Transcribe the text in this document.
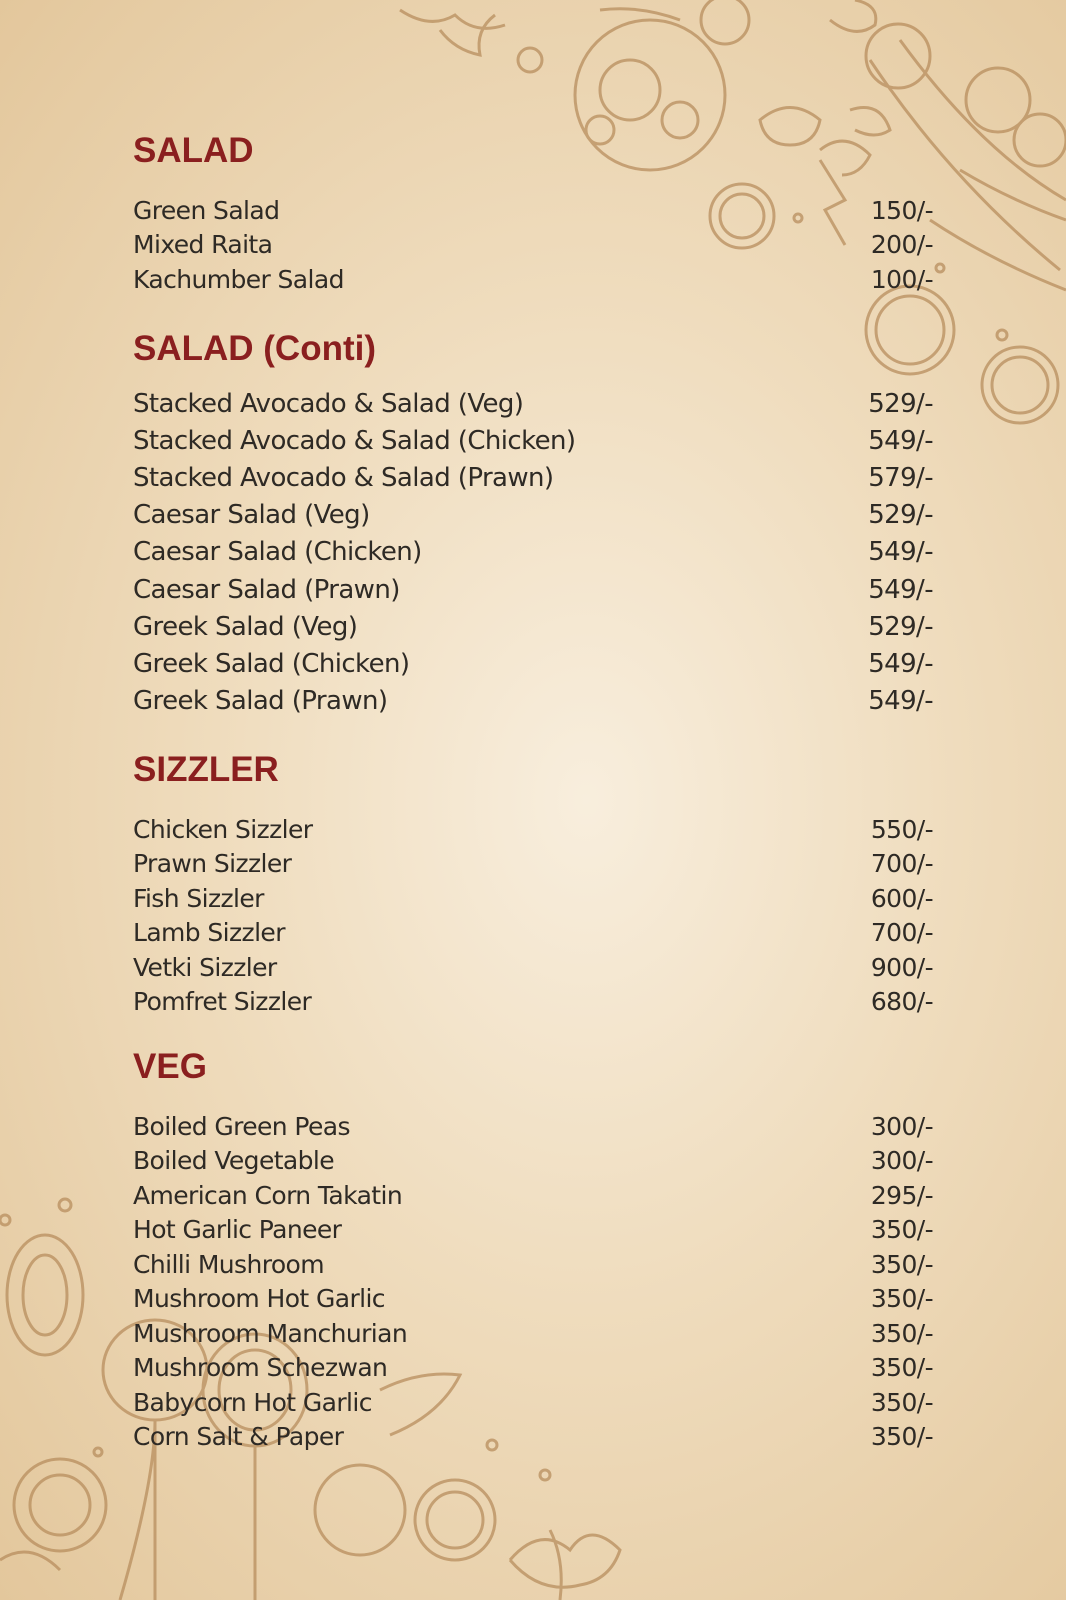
SALAD
Green Salad	150/-
Mixed Raita	200/-
Kachumber Salad	100/-
SALAD (Conti)
Stacked Avocado & Salad (Veg)	529/-
Stacked Avocado & Salad (Chicken)	549/-
Stacked Avocado & Salad (Prawn)	579/-
Caesar Salad (Veg)	529/-
Caesar Salad (Chicken)	549/-
Caesar Salad (Prawn)	549/-
Greek Salad (Veg)	529/-
Greek Salad (Chicken)	549/-
Greek Salad (Prawn)	549/-
SIZZLER
Chicken Sizzler	550/-
Prawn Sizzler	700/-
Fish Sizzler	600/-
Lamb Sizzler	700/-
Vetki Sizzler	900/-
Pomfret Sizzler	680/-
VEG
Boiled Green Peas	300/-
Boiled Vegetable	300/-
American Corn Takatin	295/-
Hot Garlic Paneer	350/-
Chilli Mushroom	350/-
Mushroom Hot Garlic	350/-
Mushroom Manchurian	350/-
Mushroom Schezwan	350/-
Babycorn Hot Garlic	350/-
Corn Salt & Paper	350/-
